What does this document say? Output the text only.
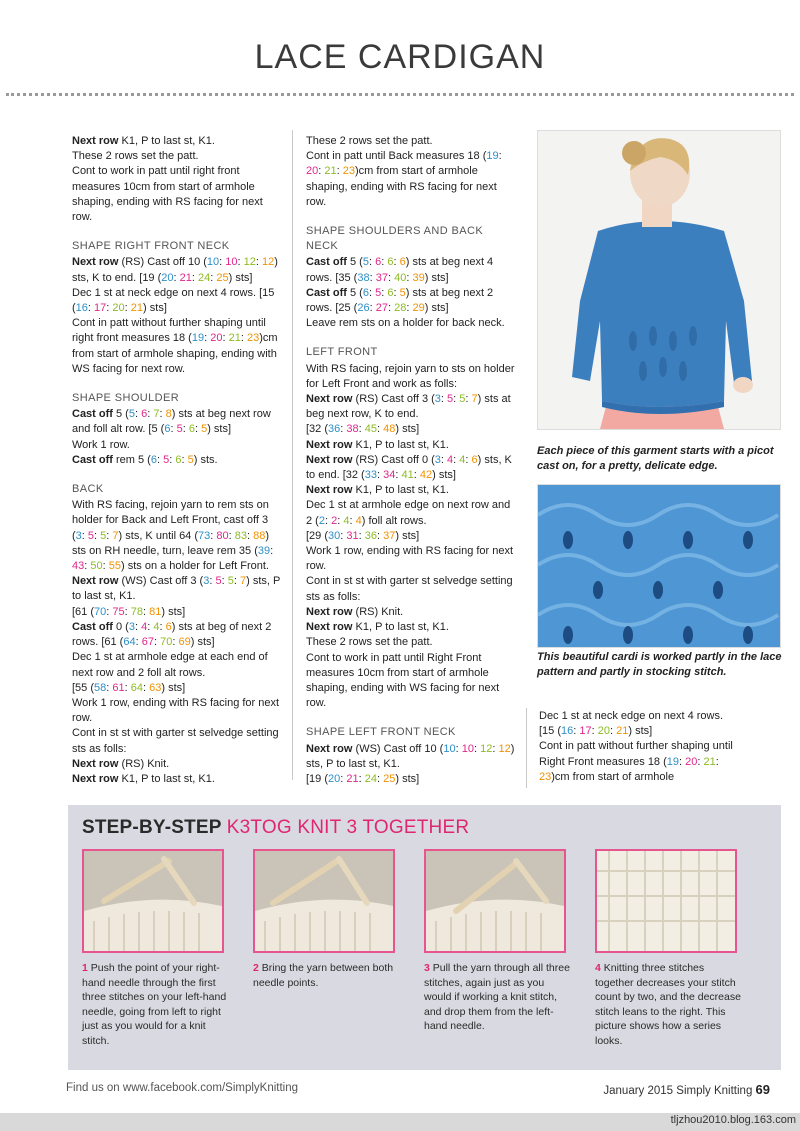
LACE CARDIGAN

Next row K1, P to last st, K1.
These 2 rows set the patt.
Cont to work in patt until right front measures 10cm from start of armhole shaping, ending with RS facing for next row.

SHAPE RIGHT FRONT NECK

Next row (RS) Cast off 10 (10: 10: 12: 12) sts, K to end. [19 (20: 21: 24: 25) sts]
Dec 1 st at neck edge on next 4 rows. [15 (16: 17: 20: 21) sts]
Cont in patt without further shaping until right front measures 18 (19: 20: 21: 23)cm from start of armhole shaping, ending with WS facing for next row.

SHAPE SHOULDER

Cast off 5 (5: 6: 7: 8) sts at beg next row and foll alt row. [5 (6: 5: 6: 5) sts]
Work 1 row.
Cast off rem 5 (6: 5: 6: 5) sts.

BACK

With RS facing, rejoin yarn to rem sts on holder for Back and Left Front, cast off 3 (3: 5: 5: 7) sts, K until 64 (73: 80: 83: 88) sts on RH needle, turn, leave rem 35 (39: 43: 50: 55) sts on a holder for Left Front.
Next row (WS) Cast off 3 (3: 5: 5: 7) sts, P to last st, K1.
[61 (70: 75: 78: 81) sts]
Cast off 0 (3: 4: 4: 6) sts at beg of next 2 rows. [61 (64: 67: 70: 69) sts]
Dec 1 st at armhole edge at each end of next row and 2 foll alt rows.
[55 (58: 61: 64: 63) sts]
Work 1 row, ending with RS facing for next row.
Cont in st st with garter st selvedge setting sts as folls:
Next row (RS) Knit.
Next row K1, P to last st, K1.

These 2 rows set the patt.
Cont in patt until Back measures 18 (19: 20: 21: 23)cm from start of armhole shaping, ending with RS facing for next row.

SHAPE SHOULDERS AND BACK NECK

Cast off 5 (5: 6: 6: 6) sts at beg next 4 rows. [35 (38: 37: 40: 39) sts]
Cast off 5 (6: 5: 6: 5) sts at beg next 2 rows. [25 (26: 27: 28: 29) sts]
Leave rem sts on a holder for back neck.

LEFT FRONT

With RS facing, rejoin yarn to sts on holder for Left Front and work as folls:
Next row (RS) Cast off 3 (3: 5: 5: 7) sts at beg next row, K to end.
[32 (36: 38: 45: 48) sts]
Next row K1, P to last st, K1.
Next row (RS) Cast off 0 (3: 4: 4: 6) sts, K to end. [32 (33: 34: 41: 42) sts]
Next row K1, P to last st, K1.
Dec 1 st at armhole edge on next row and 2 (2: 2: 4: 4) foll alt rows.
[29 (30: 31: 36: 37) sts]
Work 1 row, ending with RS facing for next row.
Cont in st st with garter st selvedge setting sts as folls:
Next row (RS) Knit.
Next row K1, P to last st, K1.
These 2 rows set the patt.
Cont to work in patt until Right Front measures 10cm from start of armhole shaping, ending with WS facing for next row.

SHAPE LEFT FRONT NECK

Next row (WS) Cast off 10 (10: 10: 12: 12) sts, P to last st, K1.
[19 (20: 21: 24: 25) sts]

Each piece of this garment starts with a picot cast on, for a pretty, delicate edge.
This beautiful cardi is worked partly in the lace pattern and partly in stocking stitch.

Dec 1 st at neck edge on next 4 rows.
[15 (16: 17: 20: 21) sts]
Cont in patt without further shaping until Right Front measures 18 (19: 20: 21: 23)cm from start of armhole

STEP-BY-STEP K3TOG KNIT 3 TOGETHER
1 Push the point of your right-hand needle through the first three stitches on your left-hand needle, going from left to right just as you would for a knit stitch.
2 Bring the yarn between both needle points.
3 Pull the yarn through all three stitches, again just as you would if working a knit stitch, and drop them from the left-hand needle.
4 Knitting three stitches together decreases your stitch count by two, and the decrease stitch leans to the right. This picture shows how a series looks.
Find us on www.facebook.com/SimplyKnitting	January 2015 Simply Knitting 69
tljzhou2010.blog.163.com
